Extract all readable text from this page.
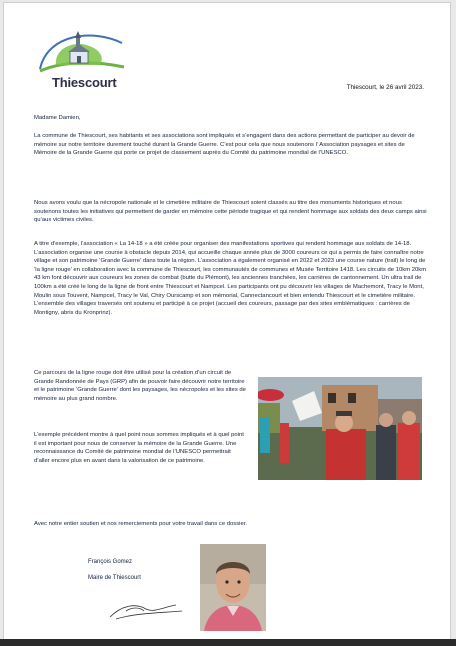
Thiescourt	Thiescourt, le 26 avril 2023.

Madame Damien,

La commune de Thiescourt, ses habitants et ses associations sont impliqués et s’engagent dans des actions permettant de participer au devoir de mémoire sur notre territoire durement touché durant la Grande Guerre. C’est pour cela que nous soutenons l’ Association paysages et sites de Mémoire de la Grande Guerre qui porte ce projet de classement auprès du Comité du patrimoine mondial de l’UNESCO.

Nous avons voulu que la nécropole nationale et le cimetière militaire de Thiescourt soient classés au titre des monuments historiques et nous soutenons toutes les initiatives qui permettent de garder en mémoire cette période tragique et qui rendent hommage aux soldats des deux camps ainsi qu’aux victimes civiles.

A titre d’exemple, l’association « La 14-18 » a été créée pour organiser des manifestations sportives qui rendent hommage aux soldats de 14-18. L’association organise une course à obstacle depuis 2014, qui accueille chaque année plus de 3000 coureurs ce qui a permis de faire connaître notre village et son patrimoine ‘Grande Guerre’ dans toute la région. L’association a également organisé en 2022 et 2023 une course nature (trail) le long de ‘la ligne rouge’ en collaboration avec la commune de Thiescourt, les communautés de communes et Musée Territoire 1418. Les circuits de 10km 20km 43 km font découvrir aux coureurs les zones de combat (butte du Plémont), les anciennes tranchées, les carrières de cantonnement. Un ultra trail de 100km a été créé le long de la ligne de front entre Thiescourt et Nampcel. Les participants ont pu découvrir les villages de Machemont, Tracy le Mont, Moulin sous Touvent, Nampcel, Tracy le Val, Chiry Ourscamp et son mémorial, Cannectancourt et bien entendu Thiescourt et le cimetière militaire. L’ensemble des villages traversés ont soutenu et participé à ce projet (accueil des coureurs, passage par des sites emblématiques : carrières de Montigny, abris du Kronprinz).

Ce parcours de la ligne rouge doit être utilisé pour la création d’un circuit de Grande Randonnée de Pays (GRP) afin de pouvoir faire découvrir notre territoire et le patrimoine ‘Grande Guerre’ dont les paysages, les nécropoles et les sites de mémoire au plus grand nombre.

L’exemple précédent montre à quel point nous sommes impliqués et à quel point il est important pour nous de conserver la mémoire de la Grande Guerre. Une reconnaissance du Comité de patrimoine mondial de l’UNESCO permettrait d’aller encore plus en avant dans la valorisation de ce patrimoine.

Avec notre entier soutien et nos remerciements pour votre travail dans ce dossier.

François Gomez
Maire de Thiescourt
